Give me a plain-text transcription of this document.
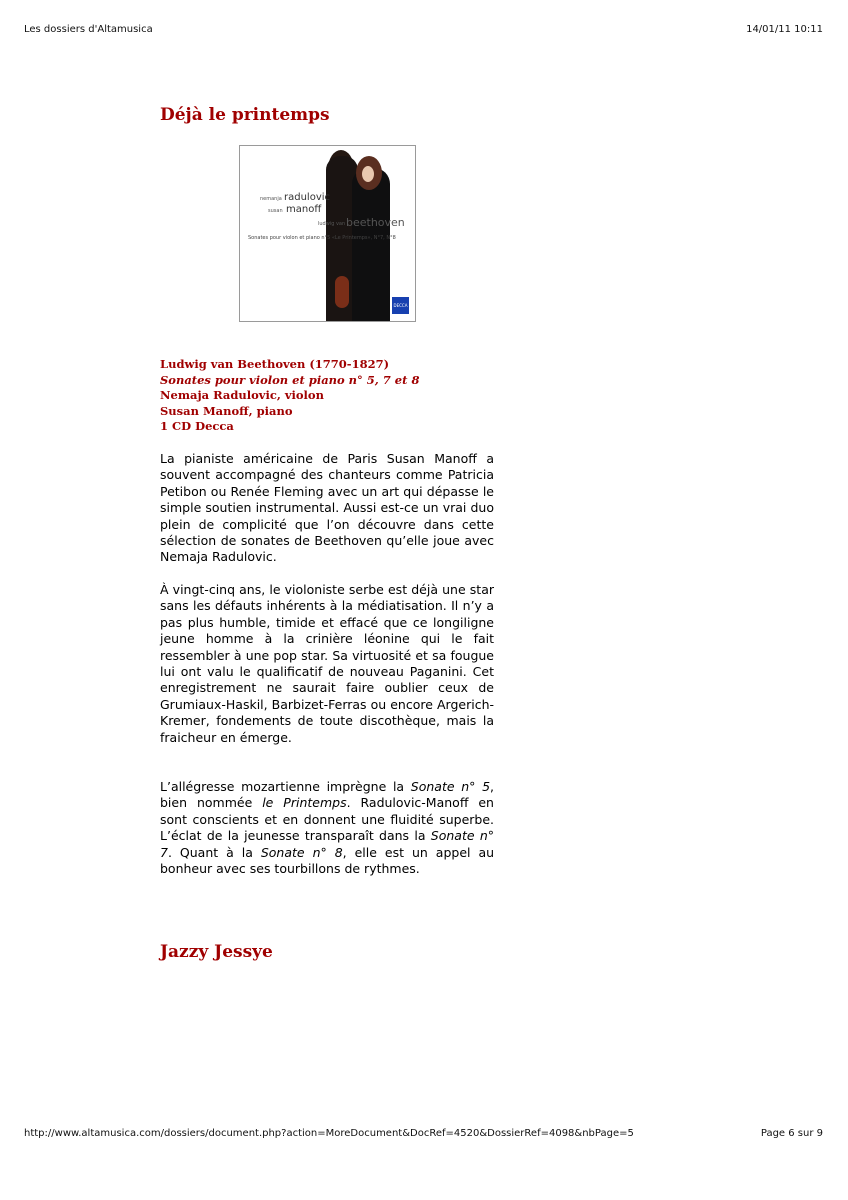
Les dossiers d'Altamusica	14/01/11 10:11
Déjà le printemps
nemanja radulovic
susan manoff
ludwig van beethoven
Sonates pour violon et piano n°5 «Le Printemps», N°7, N°8
DECCA
Ludwig van Beethoven (1770-1827)
Sonates pour violon et piano n° 5, 7 et 8
Nemaja Radulovic, violon
Susan Manoff, piano
1 CD Decca

La pianiste américaine de Paris Susan Manoff a souvent accompagné des chanteurs comme Patricia Petibon ou Renée Fleming avec un art qui dépasse le simple soutien instrumental. Aussi est-ce un vrai duo plein de complicité que l’on découvre dans cette sélection de sonates de Beethoven qu’elle joue avec Nemaja Radulovic.

À vingt-cinq ans, le violoniste serbe est déjà une star sans les défauts inhérents à la médiatisation. Il n’y a pas plus humble, timide et effacé que ce longiligne jeune homme à la crinière léonine qui le fait ressembler à une pop star. Sa virtuosité et sa fougue lui ont valu le qualificatif de nouveau Paganini. Cet enregistrement ne saurait faire oublier ceux de Grumiaux-Haskil, Barbizet-Ferras ou encore Argerich-Kremer, fondements de toute discothèque, mais la fraicheur en émerge.

L’allégresse mozartienne imprègne la Sonate n° 5, bien nommée le Printemps. Radulovic-Manoff en sont conscients et en donnent une fluidité superbe. L’éclat de la jeunesse transparaît dans la Sonate n° 7. Quant à la Sonate n° 8, elle est un appel au bonheur avec ses tourbillons de rythmes.

Jazzy Jessye
http://www.altamusica.com/dossiers/document.php?action=MoreDocument&DocRef=4520&DossierRef=4098&nbPage=5	Page 6 sur 9
